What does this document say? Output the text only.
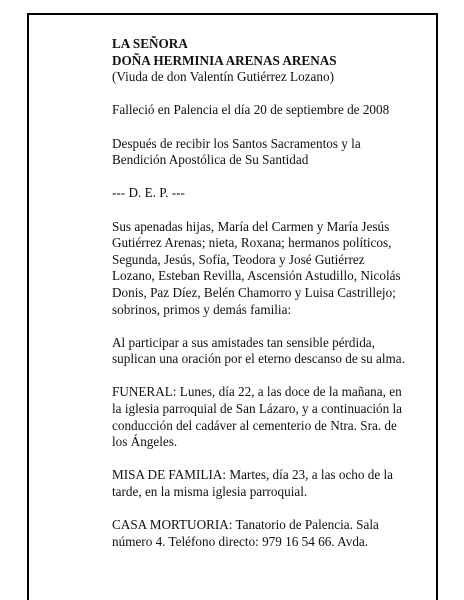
LA SEÑORA
DOÑA HERMINIA ARENAS ARENAS
(Viuda de don Valentín Gutiérrez Lozano)
Falleció en Palencia el día 20 de septiembre de 2008
Después de recibir los Santos Sacramentos y la
Bendición Apostólica de Su Santidad
--- D. E. P. ---
Sus apenadas hijas, María del Carmen y María Jesús
Gutiérrez Arenas; nieta, Roxana; hermanos políticos,
Segunda, Jesús, Sofía, Teodora y José Gutiérrez
Lozano, Esteban Revilla, Ascensión Astudillo, Nicolás
Donis, Paz Díez, Belén Chamorro y Luisa Castrillejo;
sobrinos, primos y demás familia:
Al participar a sus amistades tan sensible pérdida,
suplican una oración por el eterno descanso de su alma.
FUNERAL: Lunes, día 22, a las doce de la mañana, en
la iglesia parroquial de San Lázaro, y a continuación la
conducción del cadáver al cementerio de Ntra. Sra. de
los Ángeles.
MISA DE FAMILIA: Martes, día 23, a las ocho de la
tarde, en la misma iglesia parroquial.
CASA MORTUORIA: Tanatorio de Palencia. Sala
número 4. Teléfono directo: 979 16 54 66. Avda.
